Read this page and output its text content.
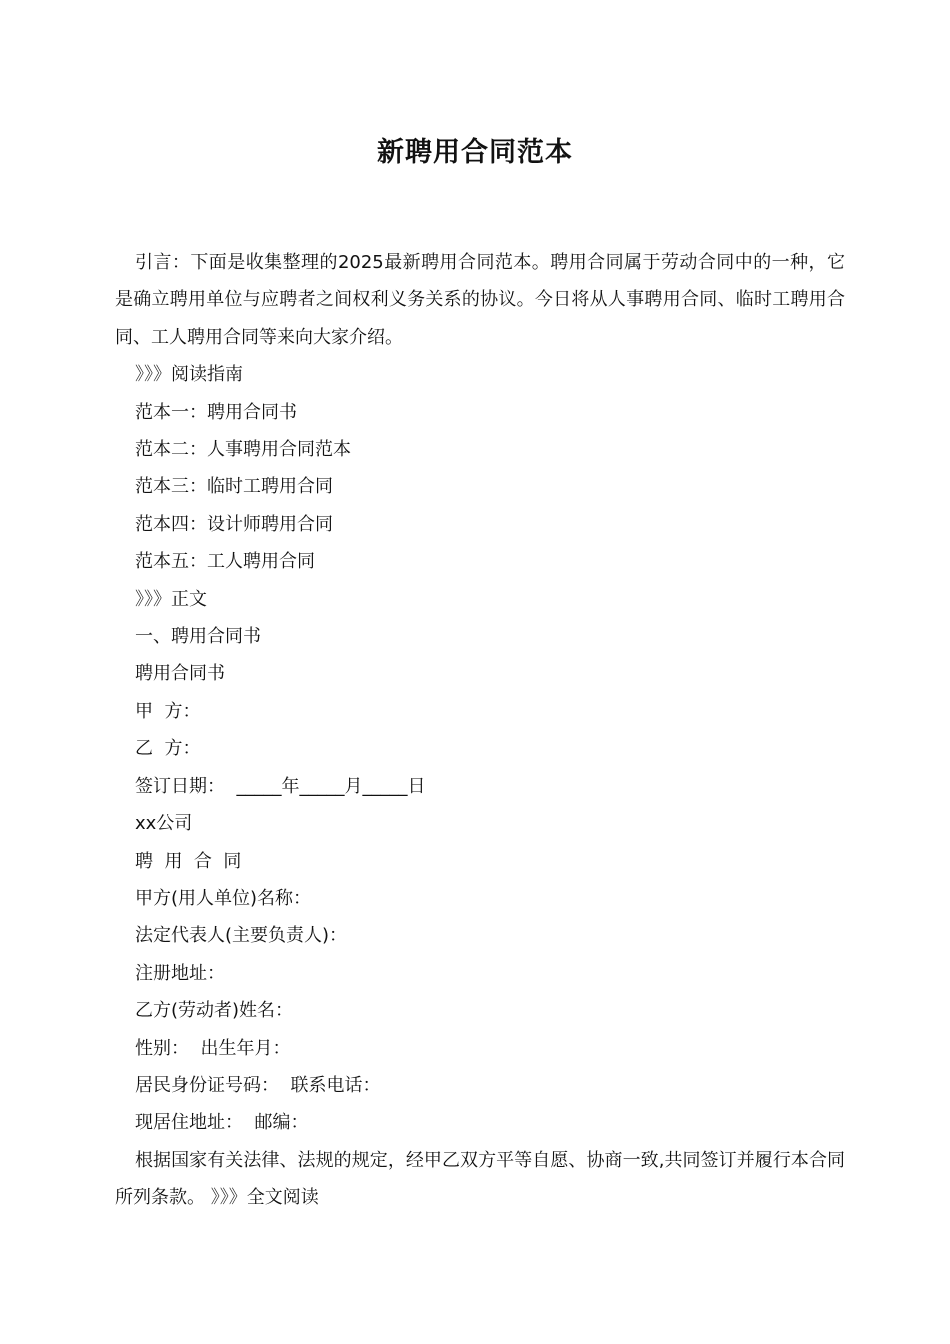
新聘用合同范本

引言：下面是收集整理的2025最新聘用合同范本。聘用合同属于劳动合同中的一种，它是确立聘用单位与应聘者之间权利义务关系的协议。今日将从人事聘用合同、临时工聘用合同、工人聘用合同等来向大家介绍。

》》》阅读指南

范本一：聘用合同书

范本二：人事聘用合同范本

范本三：临时工聘用合同

范本四：设计师聘用合同

范本五：工人聘用合同

》》》正文

一、聘用合同书

聘用合同书

甲  方：

乙  方：

签订日期：  _____年_____月_____日

xx公司

聘  用  合  同

甲方(用人单位)名称：

法定代表人(主要负责人)：

注册地址：

乙方(劳动者)姓名：

性别：  出生年月：

居民身份证号码：  联系电话：

现居住地址：  邮编：

根据国家有关法律、法规的规定，经甲乙双方平等自愿、协商一致,共同签订并履行本合同所列条款。 》》》全文阅读
